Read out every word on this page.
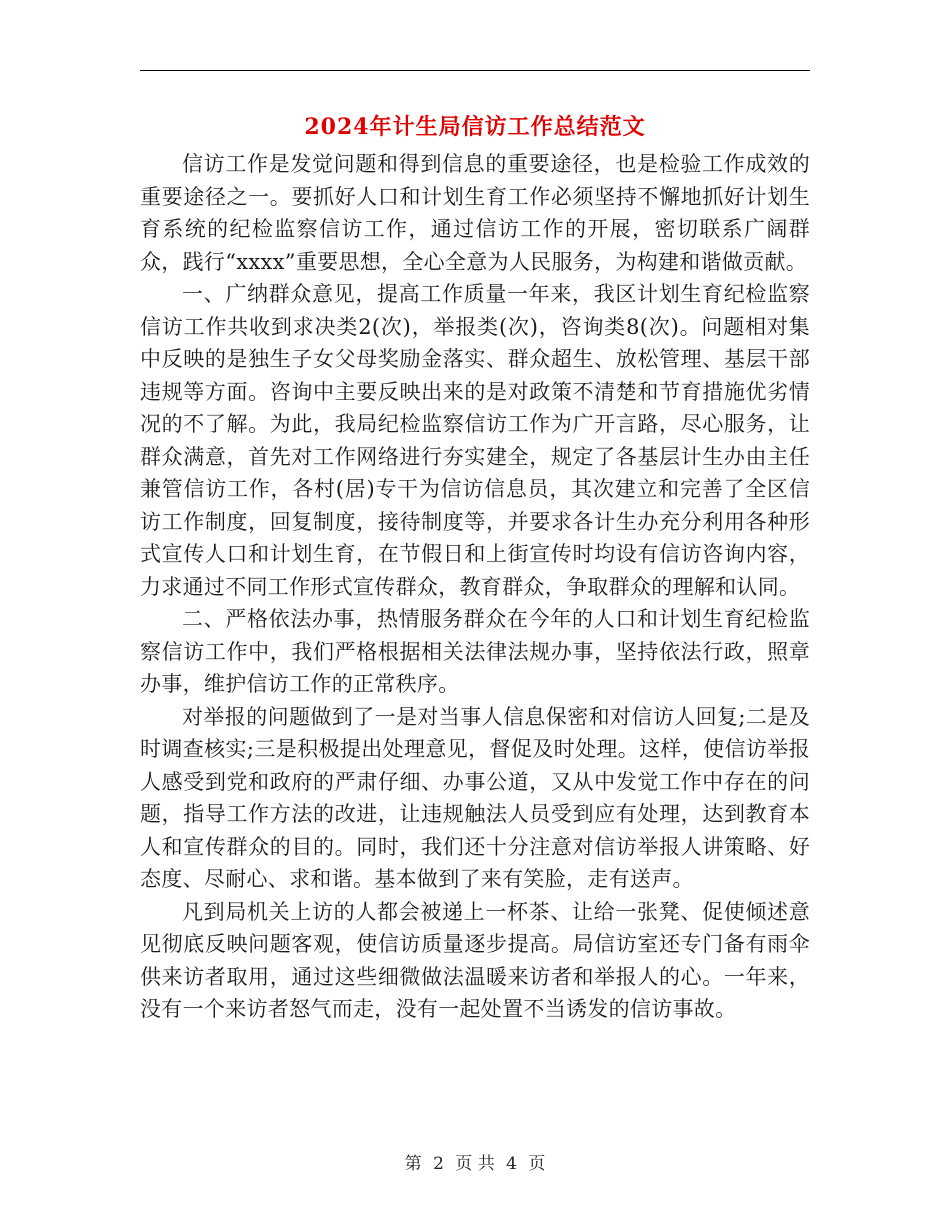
2024年计生局信访工作总结范文

信访工作是发觉问题和得到信息的重要途径，也是检验工作成效的重要途径之一。要抓好人口和计划生育工作必须坚持不懈地抓好计划生育系统的纪检监察信访工作，通过信访工作的开展，密切联系广阔群众，践行“xxxx”重要思想，全心全意为人民服务，为构建和谐做贡献。

一、广纳群众意见，提高工作质量一年来，我区计划生育纪检监察信访工作共收到求决类2(次)，举报类(次)，咨询类8(次)。问题相对集中反映的是独生子女父母奖励金落实、群众超生、放松管理、基层干部违规等方面。咨询中主要反映出来的是对政策不清楚和节育措施优劣情况的不了解。为此，我局纪检监察信访工作为广开言路，尽心服务，让群众满意，首先对工作网络进行夯实建全，规定了各基层计生办由主任兼管信访工作，各村(居)专干为信访信息员，其次建立和完善了全区信访工作制度，回复制度，接待制度等，并要求各计生办充分利用各种形式宣传人口和计划生育，在节假日和上街宣传时均设有信访咨询内容，力求通过不同工作形式宣传群众，教育群众，争取群众的理解和认同。

二、严格依法办事，热情服务群众在今年的人口和计划生育纪检监察信访工作中，我们严格根据相关法律法规办事，坚持依法行政，照章办事，维护信访工作的正常秩序。

对举报的问题做到了一是对当事人信息保密和对信访人回复;二是及时调查核实;三是积极提出处理意见，督促及时处理。这样，使信访举报人感受到党和政府的严肃仔细、办事公道，又从中发觉工作中存在的问题，指导工作方法的改进，让违规触法人员受到应有处理，达到教育本人和宣传群众的目的。同时，我们还十分注意对信访举报人讲策略、好态度、尽耐心、求和谐。基本做到了来有笑脸，走有送声。

凡到局机关上访的人都会被递上一杯茶、让给一张凳、促使倾述意见彻底反映问题客观，使信访质量逐步提高。局信访室还专门备有雨伞供来访者取用，通过这些细微做法温暖来访者和举报人的心。一年来，没有一个来访者怒气而走，没有一起处置不当诱发的信访事故。

第 2 页 共 4 页
